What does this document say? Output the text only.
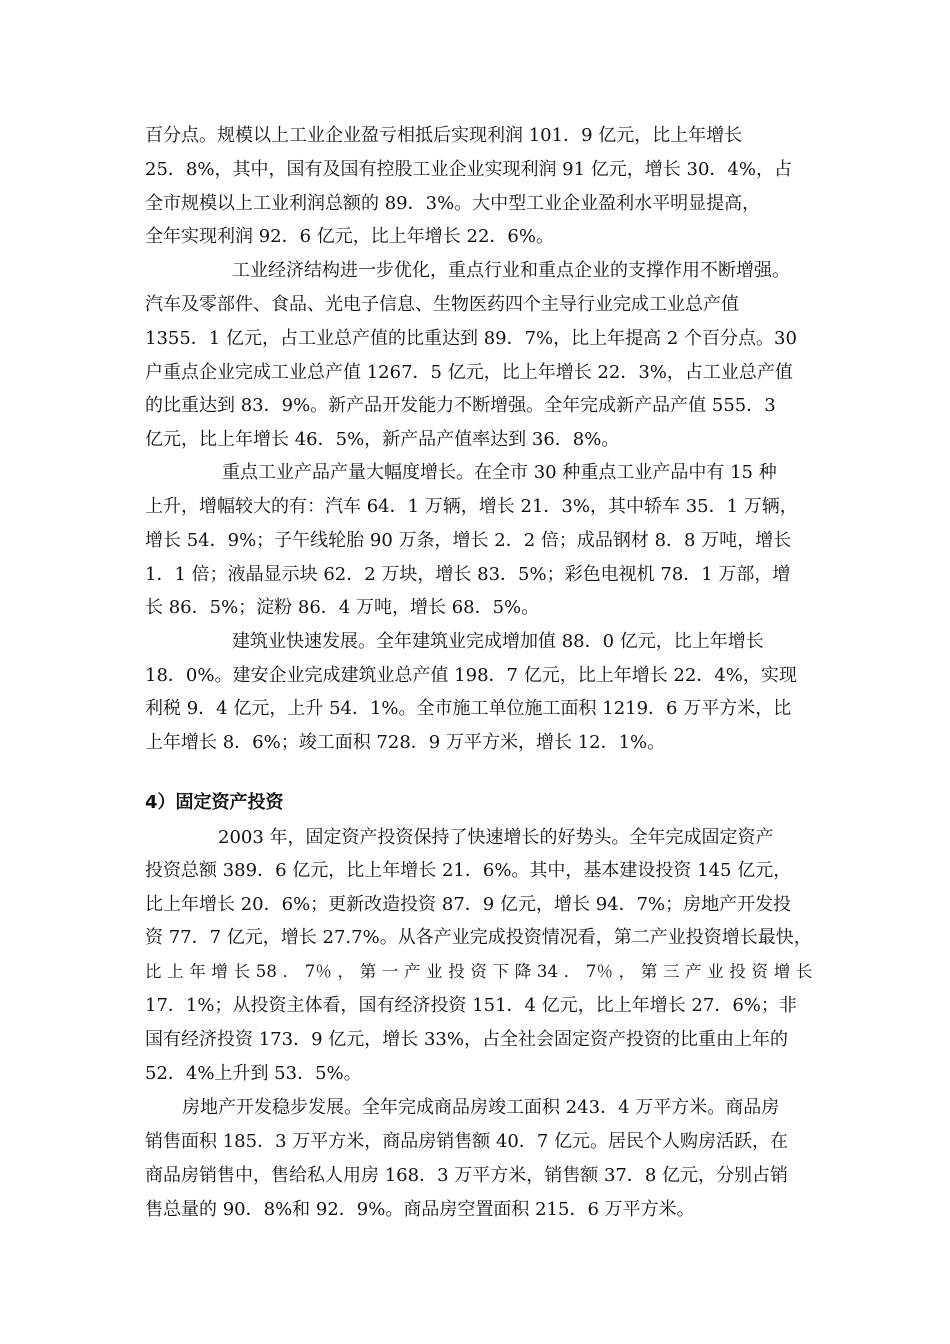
百分点。规模以上工业企业盈亏相抵后实现利润 101．9 亿元，比上年增长
25．8%，其中，国有及国有控股工业企业实现利润 91 亿元，增长 30．4%，占
全市规模以上工业利润总额的 89．3%。大中型工业企业盈利水平明显提高，
全年实现利润 92．6 亿元，比上年增长 22．6%。
工业经济结构进一步优化，重点行业和重点企业的支撑作用不断增强。
汽车及零部件、食品、光电子信息、生物医药四个主导行业完成工业总产值
1355．1 亿元，占工业总产值的比重达到 89．7%，比上年提高 2 个百分点。30
户重点企业完成工业总产值 1267．5 亿元，比上年增长 22．3%，占工业总产值
的比重达到 83．9%。新产品开发能力不断增强。全年完成新产品产值 555．3
亿元，比上年增长 46．5%，新产品产值率达到 36．8%。
重点工业产品产量大幅度增长。在全市 30 种重点工业产品中有 15 种
上升，增幅较大的有：汽车 64．1 万辆，增长 21．3%，其中轿车 35．1 万辆，
增长 54．9%；子午线轮胎 90 万条，增长 2．2 倍；成品钢材 8．8 万吨，增长
1．1 倍；液晶显示块 62．2 万块，增长 83．5%；彩色电视机 78．1 万部，增
长 86．5%；淀粉 86．4 万吨，增长 68．5%。
建筑业快速发展。全年建筑业完成增加值 88．0 亿元，比上年增长
18．0%。建安企业完成建筑业总产值 198．7 亿元，比上年增长 22．4%，实现
利税 9．4 亿元，上升 54．1%。全市施工单位施工面积 1219．6 万平方米，比
上年增长 8．6%；竣工面积 728．9 万平方米，增长 12．1%。
4）固定资产投资
2003 年，固定资产投资保持了快速增长的好势头。全年完成固定资产
投资总额 389．6 亿元，比上年增长 21．6%。其中，基本建设投资 145 亿元，
比上年增长 20．6%；更新改造投资 87．9 亿元，增长 94．7%；房地产开发投
资 77．7 亿元，增长 27.7%。从各产业完成投资情况看，第二产业投资增长最快，
比 上 年 增 长 58 ． 7％ ， 第 一 产 业 投 资 下 降 34 ． 7％ ， 第 三 产 业 投 资 增 长
17．1%；从投资主体看，国有经济投资 151．4 亿元，比上年增长 27．6%；非
国有经济投资 173．9 亿元，增长 33%，占全社会固定资产投资的比重由上年的
52．4%上升到 53．5%。
房地产开发稳步发展。全年完成商品房竣工面积 243．4 万平方米。商品房
销售面积 185．3 万平方米，商品房销售额 40．7 亿元。居民个人购房活跃，在
商品房销售中，售给私人用房 168．3 万平方米，销售额 37．8 亿元，分别占销
售总量的 90．8%和 92．9%。商品房空置面积 215．6 万平方米。
